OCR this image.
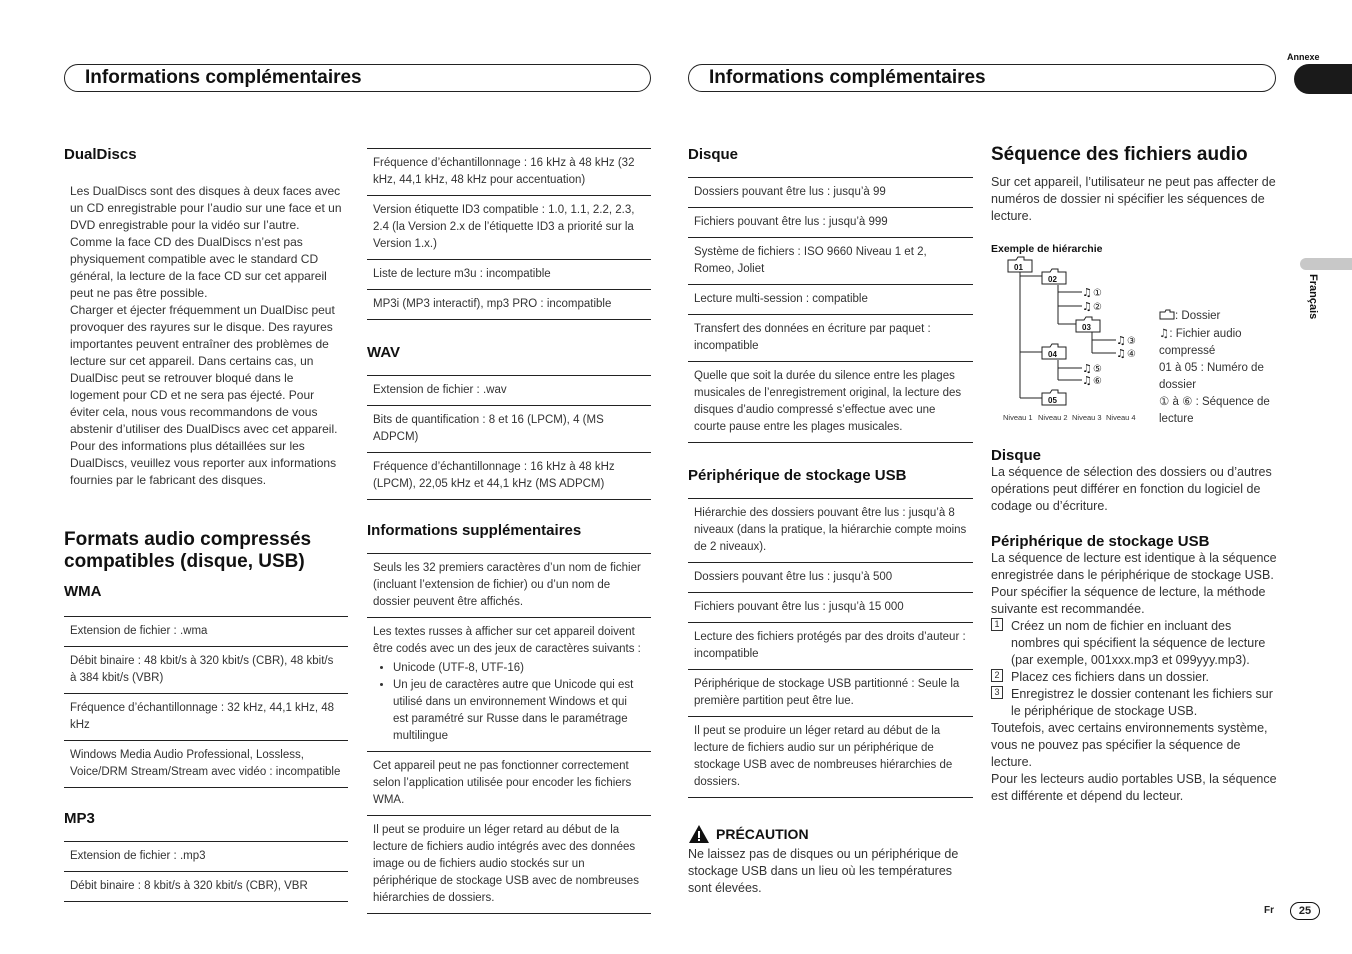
Informations complémentaires	Informations complémentaires
Annexe
Français

DualDiscs

Les DualDiscs sont des disques à deux faces avec un CD enregistrable pour l’audio sur une face et un DVD enregistrable pour la vidéo sur l’autre.
Comme la face CD des DualDiscs n’est pas physiquement compatible avec le standard CD général, la lecture de la face CD sur cet appareil peut ne pas être possible.
Charger et éjecter fréquemment un DualDisc peut provoquer des rayures sur le disque. Des rayures importantes peuvent entraîner des problèmes de lecture sur cet appareil. Dans certains cas, un DualDisc peut se retrouver bloqué dans le logement pour CD et ne sera pas éjecté. Pour éviter cela, nous vous recommandons de vous abstenir d’utiliser des DualDiscs avec cet appareil.
Pour des informations plus détaillées sur les DualDiscs, veuillez vous reporter aux informations fournies par le fabricant des disques.

Formats audio compressés compatibles (disque, USB)

WMA

Extension de fichier : .wma
Débit binaire : 48 kbit/s à 320 kbit/s (CBR), 48 kbit/s à 384 kbit/s (VBR)
Fréquence d’échantillonnage : 32 kHz, 44,1 kHz, 48 kHz
Windows Media Audio Professional, Lossless, Voice/DRM Stream/Stream avec vidéo : incompatible

MP3

Extension de fichier : .mp3
Débit binaire : 8 kbit/s à 320 kbit/s (CBR), VBR
Fréquence d’échantillonnage : 16 kHz à 48 kHz (32 kHz, 44,1 kHz, 48 kHz pour accentuation)
Version étiquette ID3 compatible : 1.0, 1.1, 2.2, 2.3, 2.4 (la Version 2.x de l’étiquette ID3 a priorité sur la Version 1.x.)
Liste de lecture m3u : incompatible
MP3i (MP3 interactif), mp3 PRO : incompatible

WAV

Extension de fichier : .wav
Bits de quantification : 8 et 16 (LPCM), 4 (MS ADPCM)
Fréquence d’échantillonnage : 16 kHz à 48 kHz (LPCM), 22,05 kHz et 44,1 kHz (MS ADPCM)

Informations supplémentaires

Seuls les 32 premiers caractères d’un nom de fichier (incluant l’extension de fichier) ou d’un nom de dossier peuvent être affichés.
Les textes russes à afficher sur cet appareil doivent être codés avec un des jeux de caractères suivants :
• Unicode (UTF-8, UTF-16)
• Un jeu de caractères autre que Unicode qui est utilisé dans un environnement Windows et qui est paramétré sur Russe dans le paramétrage multilingue
Cet appareil peut ne pas fonctionner correctement selon l’application utilisée pour encoder les fichiers WMA.
Il peut se produire un léger retard au début de la lecture de fichiers audio intégrés avec des données image ou de fichiers audio stockés sur un périphérique de stockage USB avec de nombreuses hiérarchies de dossiers.

Disque

Dossiers pouvant être lus : jusqu’à 99
Fichiers pouvant être lus : jusqu’à 999
Système de fichiers : ISO 9660 Niveau 1 et 2, Romeo, Joliet
Lecture multi-session : compatible
Transfert des données en écriture par paquet : incompatible
Quelle que soit la durée du silence entre les plages musicales de l’enregistrement original, la lecture des disques d’audio compressé s’effectue avec une courte pause entre les plages musicales.

Périphérique de stockage USB

Hiérarchie des dossiers pouvant être lus : jusqu’à 8 niveaux (dans la pratique, la hiérarchie compte moins de 2 niveaux).
Dossiers pouvant être lus : jusqu’à 500
Fichiers pouvant être lus : jusqu’à 15 000
Lecture des fichiers protégés par des droits d’auteur : incompatible
Périphérique de stockage USB partitionné : Seule la première partition peut être lue.
Il peut se produire un léger retard au début de la lecture de fichiers audio sur un périphérique de stockage USB avec de nombreuses hiérarchies de dossiers.
PRÉCAUTION
Ne laissez pas de disques ou un périphérique de stockage USB dans un lieu où les températures sont élevées.

Séquence des fichiers audio

Sur cet appareil, l’utilisateur ne peut pas affecter de numéros de dossier ni spécifier les séquences de lecture.
Exemple de hiérarchie
01
02
03
04
05
♫ ①
♫ ②
♫ ③
♫ ④
♫ ⑤
♫ ⑥
Niveau 1 Niveau 2 Niveau 3 Niveau 4
: Dossier
♫: Fichier audio compressé
01 à 05 : Numéro de dossier
① à ⑥ : Séquence de lecture

Disque

La séquence de sélection des dossiers ou d’autres opérations peut différer en fonction du logiciel de codage ou d’écriture.

Périphérique de stockage USB

La séquence de lecture est identique à la séquence enregistrée dans le périphérique de stockage USB.
Pour spécifier la séquence de lecture, la méthode suivante est recommandée.
1 Créez un nom de fichier en incluant des nombres qui spécifient la séquence de lecture (par exemple, 001xxx.mp3 et 099yyy.mp3).
2 Placez ces fichiers dans un dossier.
3 Enregistrez le dossier contenant les fichiers sur le périphérique de stockage USB.
Toutefois, avec certains environnements système, vous ne pouvez pas spécifier la séquence de lecture.
Pour les lecteurs audio portables USB, la séquence est différente et dépend du lecteur.
Fr	25
